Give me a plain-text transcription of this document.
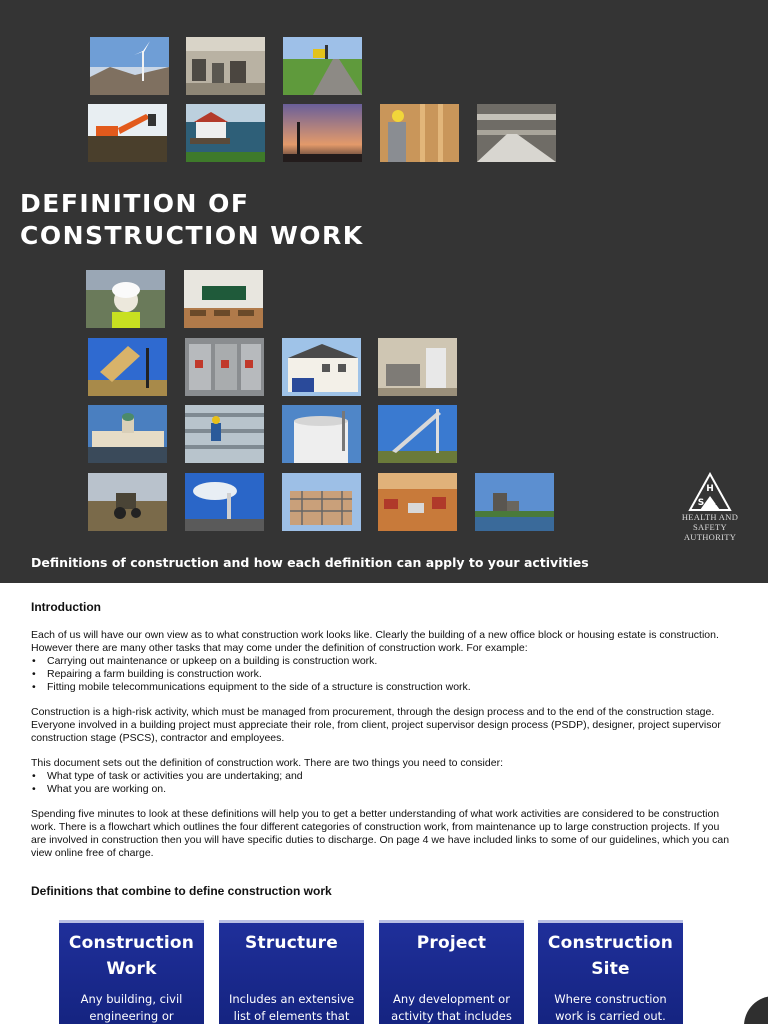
DEFINITION OF
CONSTRUCTION WORK
H
S A
HEALTH AND SAFETY
AUTHORITY
Definitions of construction and how each definition can apply to your activities
Introduction
Each of us will have our own view as to what construction work looks like. Clearly the building of a new office block or housing estate is construction. However there are many other tasks that may come under the definition of construction work. For example:
• Carrying out maintenance or upkeep on a building is construction work.
• Repairing a farm building is construction work.
• Fitting mobile telecommunications equipment to the side of a structure is construction work.
Construction is a high-risk activity, which must be managed from procurement, through the design process and to the end of the construction stage. Everyone involved in a building project must appreciate their role, from client, project supervisor design process (PSDP), designer, project supervisor construction stage (PSCS), contractor and employees.
This document sets out the definition of construction work. There are two things you need to consider:
• What type of task or activities you are undertaking; and
• What you are working on.
Spending five minutes to look at these definitions will help you to get a better understanding of what work activities are considered to be construction work. There is a flowchart which outlines the four different categories of construction work, from maintenance up to large construction projects. If you are involved in construction then you will have specific duties to discharge. On page 4 we have included links to some of our guidelines, which you can view online free of charge.
Definitions that combine to define construction work
Construction
Work
Any building, civil
engineering or
Structure
Includes an extensive
list of elements that
Project
Any development or
activity that includes
Construction
Site
Where construction
work is carried out.
